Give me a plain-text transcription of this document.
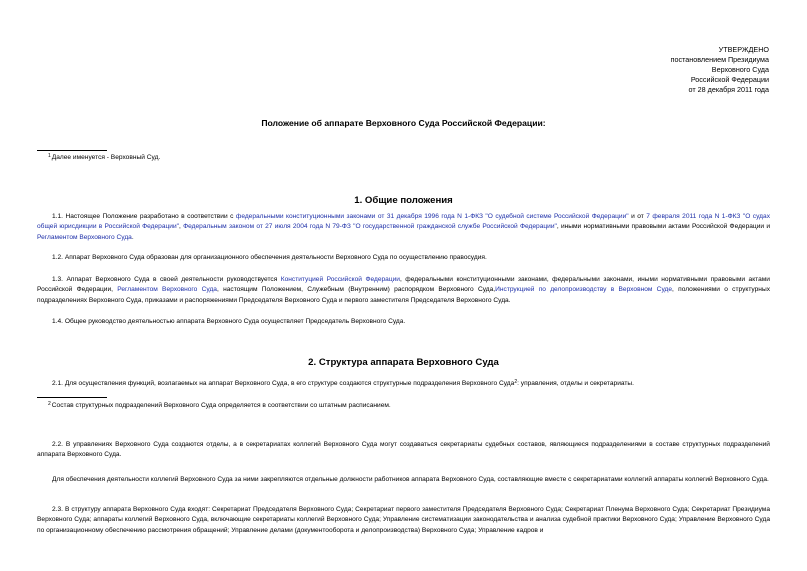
УТВЕРЖДЕНО
постановлением Президиума
Верховного Суда
Российской Федерации
от 28 декабря 2011 года
Положение об аппарате Верховного Суда Российской Федерации:
$^1$Далее именуется - Верховный Суд.
1. Общие положения
1.1. Настоящее Положение разработано в соответствии с федеральными конституционными законами от 31 декабря 1996 года N 1-ФКЗ "О судебной системе Российской Федерации" и от 7 февраля 2011 года N 1-ФКЗ "О судах общей юрисдикции в Российской Федерации", Федеральным законом от 27 июля 2004 года N 79-ФЗ "О государственной гражданской службе Российской Федерации", иными нормативными правовыми актами Российской Федерации и Регламентом Верховного Суда.
1.2. Аппарат Верховного Суда образован для организационного обеспечения деятельности Верховного Суда по осуществлению правосудия.
1.3. Аппарат Верховного Суда в своей деятельности руководствуется Конституцией Российской Федерации, федеральными конституционными законами, федеральными законами, иными нормативными правовыми актами Российской Федерации, Регламентом Верховного Суда, настоящим Положением, Служебным (Внутренним) распорядком Верховного Суда,Инструкцией по делопроизводству в Верховном Суде, положениями о структурных подразделениях Верховного Суда, приказами и распоряжениями Председателя Верховного Суда и первого заместителя Председателя Верховного Суда.
1.4. Общее руководство деятельностью аппарата Верховного Суда осуществляет Председатель Верховного Суда.
2. Структура аппарата Верховного Суда
2.1. Для осуществления функций, возлагаемых на аппарат Верховного Суда, в его структуре создаются структурные подразделения Верховного Суда$^2$: управления, отделы и секретариаты.
$^2$Состав структурных подразделений Верховного Суда определяется в соответствии со штатным расписанием.
2.2. В управлениях Верховного Суда создаются отделы, а в секретариатах коллегий Верховного Суда могут создаваться секретариаты судебных составов, являющиеся подразделениями в составе структурных подразделений аппарата Верховного Суда.
Для обеспечения деятельности коллегий Верховного Суда за ними закрепляются отдельные должности работников аппарата Верховного Суда, составляющие вместе с секретариатами коллегий аппараты коллегий Верховного Суда.
2.3. В структуру аппарата Верховного Суда входят: Секретариат Председателя Верховного Суда; Секретариат первого заместителя Председателя Верховного Суда; Секретариат Пленума Верховного Суда; Секретариат Президиума Верховного Суда; аппараты коллегий Верховного Суда, включающие секретариаты коллегий Верховного Суда; Управление систематизации законодательства и анализа судебной практики Верховного Суда; Управление Верховного Суда по организационному обеспечению рассмотрения обращений; Управление делами (документооборота и делопроизводства) Верховного Суда; Управление кадров и
